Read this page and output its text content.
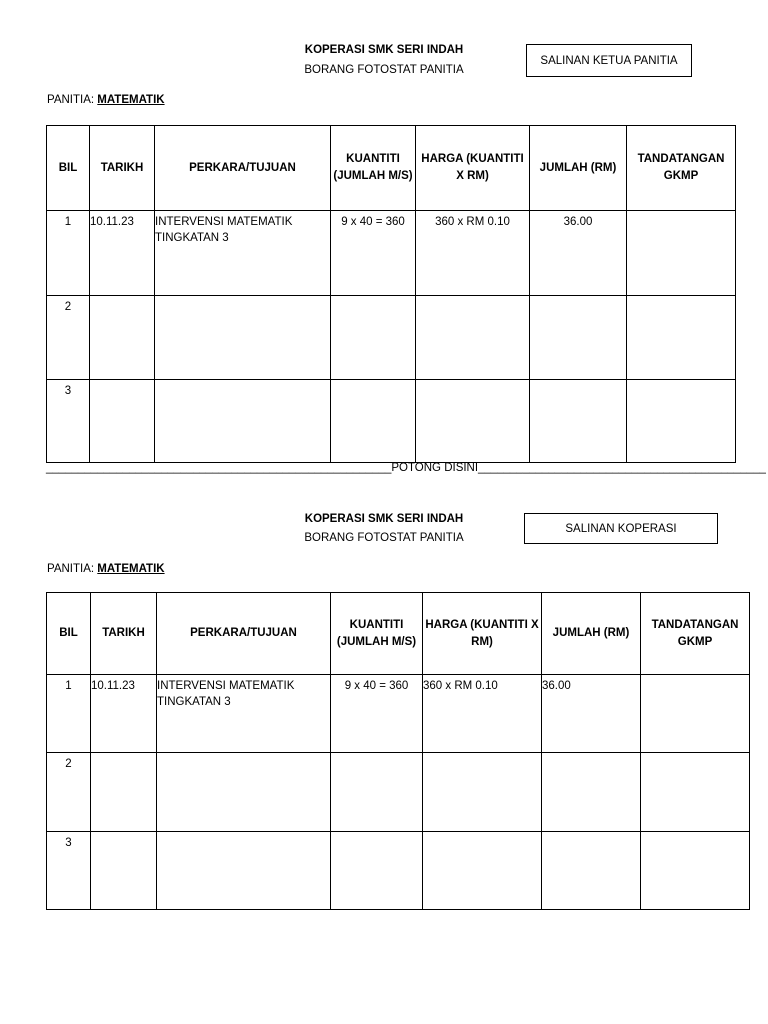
KOPERASI SMK SERI INDAH
BORANG FOTOSTAT PANITIA
SALINAN KETUA PANITIA
PANITIA: MATEMATIK
BIL	TARIKH	PERKARA/TUJUAN	KUANTITI (JUMLAH M/S)	HARGA (KUANTITI X RM)	JUMLAH (RM)	TANDATANGAN GKMP
1	10.11.23	INTERVENSI MATEMATIK TINGKATAN 3	9 x 40 = 360	360 x RM 0.10	36.00	
2						
3						
______________________________________________________POTONG DISINI_____________________________________________
KOPERASI SMK SERI INDAH
BORANG FOTOSTAT PANITIA
SALINAN KOPERASI
PANITIA: MATEMATIK
BIL	TARIKH	PERKARA/TUJUAN	KUANTITI (JUMLAH M/S)	HARGA (KUANTITI X RM)	JUMLAH (RM)	TANDATANGAN GKMP
1	10.11.23	INTERVENSI MATEMATIK TINGKATAN 3	9 x 40 = 360	360 x RM 0.10	36.00	
2						
3						
